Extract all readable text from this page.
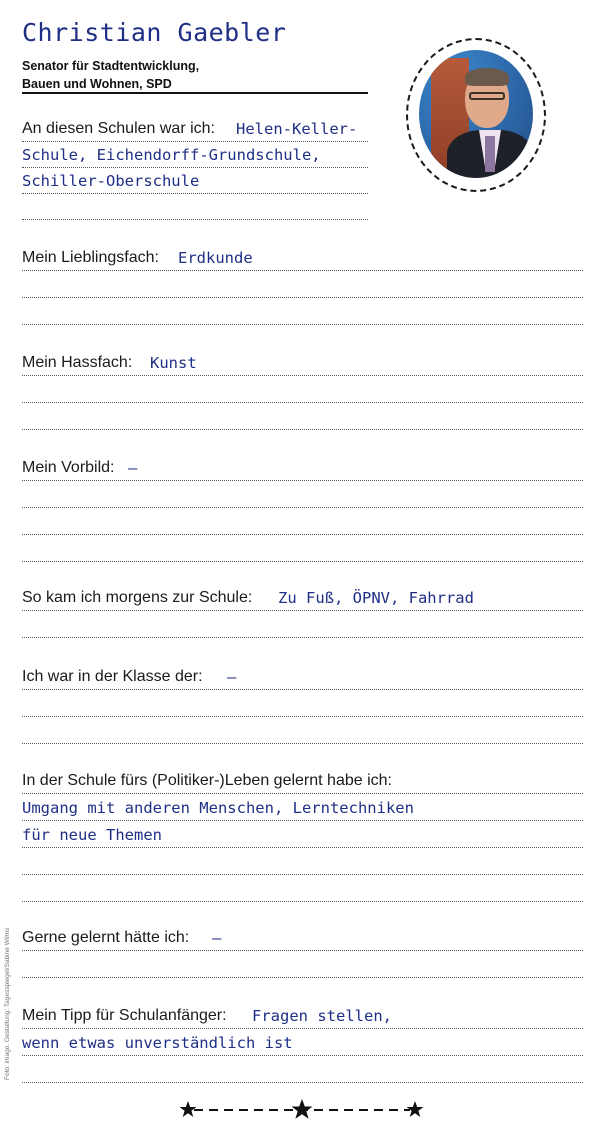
Christian Gaebler
Senator für Stadtentwicklung,
Bauen und Wohnen, SPD
An diesen Schulen war ich: Helen-Keller-
Schule, Eichendorff-Grundschule,
Schiller-Oberschule
Mein Lieblingsfach: Erdkunde
Mein Hassfach: Kunst
Mein Vorbild: –
So kam ich morgens zur Schule: Zu Fuß, ÖPNV, Fahrrad
Ich war in der Klasse der: –
In der Schule fürs (Politiker-)Leben gelernt habe ich:
Umgang mit anderen Menschen, Lerntechniken
für neue Themen
Gerne gelernt hätte ich: –
Mein Tipp für Schulanfänger: Fragen stellen,
wenn etwas unverständlich ist
Foto: imago. Gestaltung: Tagesspiegel/Sabine Wilms
